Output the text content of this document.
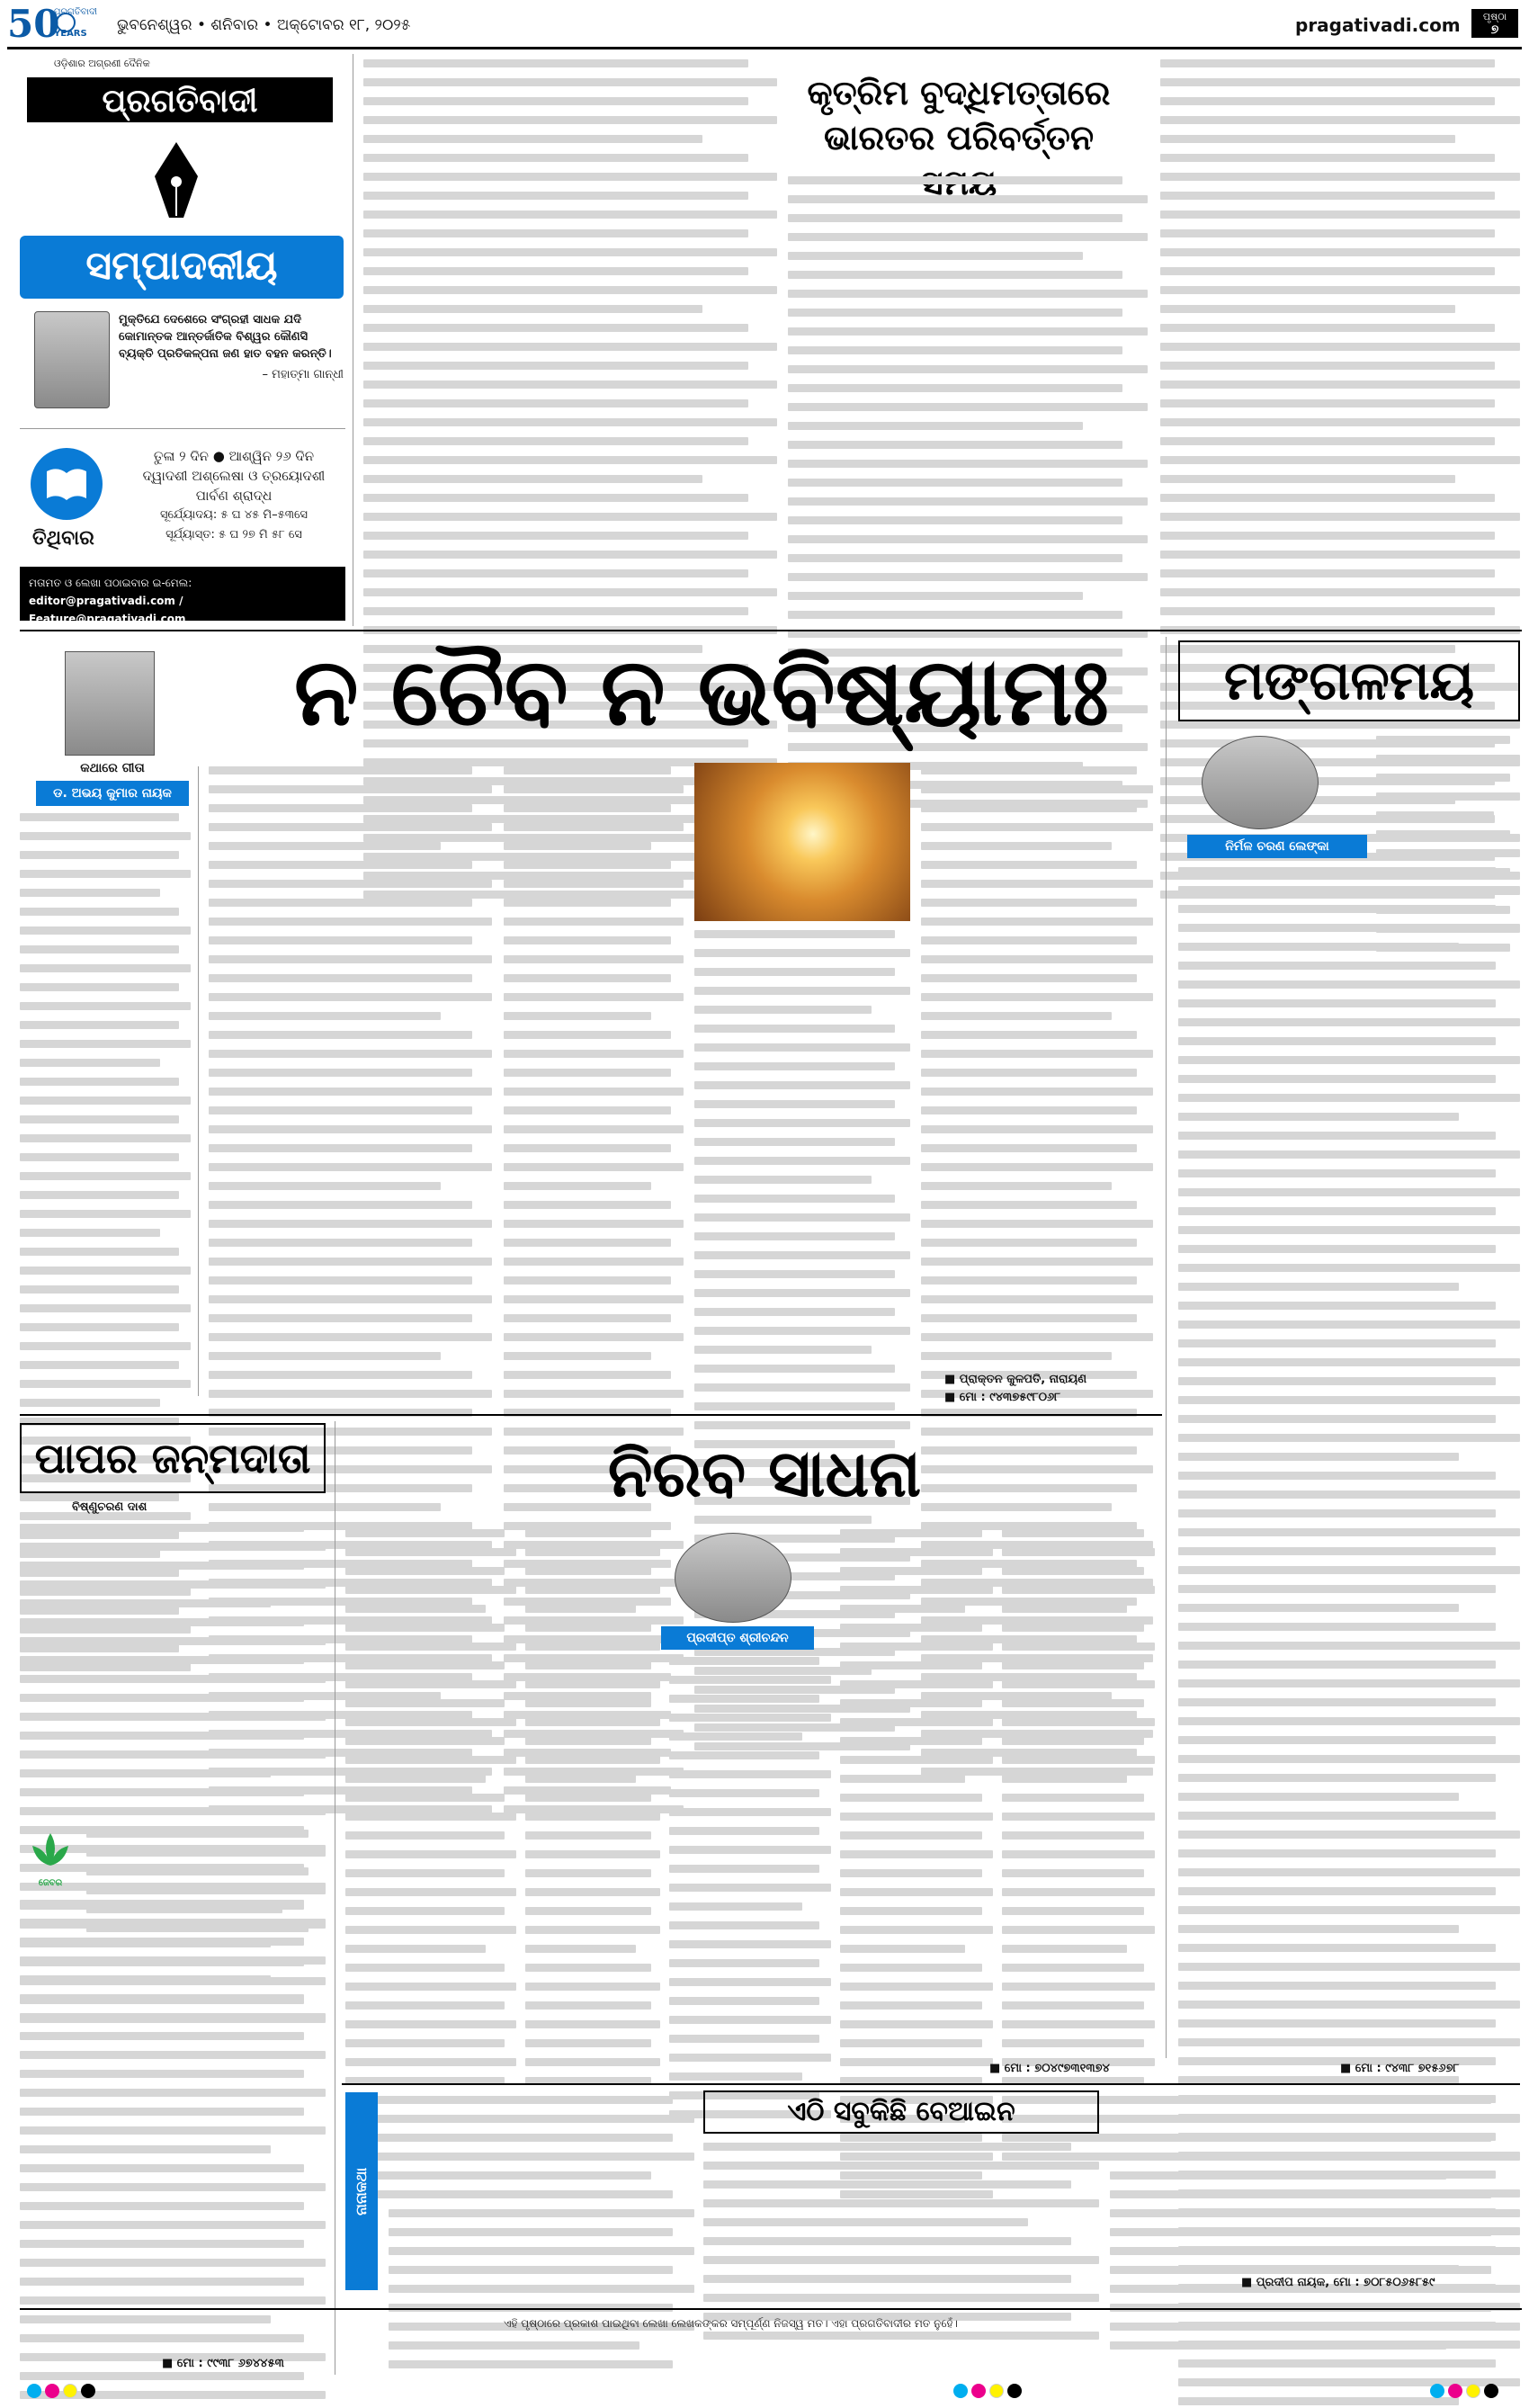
50
YEARS
ପ୍ରଗତିବାଦୀ
ଭୁବନେଶ୍ୱର • ଶନିବାର • ଅକ୍ଟୋବର ୧୮, ୨୦୨୫	pragativadi.com	ପୃଷ୍ଠା
୭
ଓଡ଼ିଶାର ଅଗ୍ରଣୀ ଦୈନିକ
ପ୍ରଗତିବାଦୀ
ସମ୍ପାଦକୀୟ
ମୁକ୍ତିଯେ ଦେଶେରେ ସଂଗ୍ରହୀ ସାଧକ ଯଦି କୋମାନ୍ତକ ଆନ୍ତର୍ଜାତିକ ବିଶ୍ୱର କୌଣସି ବ୍ୟକ୍ତି ପ୍ରତିକଳ୍ପନା ଜଣ ହାତ ବହନ କରନ୍ତି।
– ମହାତ୍ମା ଗାନ୍ଧୀ
ତିଥିବାର
ତୁଳା ୨ ଦିନ ● ଆଶ୍ୱିନ ୨୬ ଦିନ
ଦ୍ୱାଦଶୀ ଅଶ୍ଲେଷା ଓ ତ୍ରୟୋଦଶୀ
ପାର୍ବଣ ଶ୍ରାଦ୍ଧ
ସୂର୍ଯ୍ୟୋଦୟ: ୫ ଘ ୪୫ ମି–୫୩ସେ
ସୂର୍ଯ୍ୟାସ୍ତ: ୫ ଘ ୨୭ ମି ୫୮ ସେ
ମତାମତ ଓ ଲେଖା ପଠାଇବାର ଇ-ମେଲ:
editor@pragativadi.com / Feature@pragativadi.com
କୃତ୍ରିମ ବୁଦ୍ଧିମତ୍ତାରେ
ଭାରତର ପରିବର୍ତ୍ତନ
ନ ଚୈବ ନ ଭବିଷ୍ୟାମଃ
କଥାରେ ଗୀତା
ଡ. ଅଭୟ କୁମାର ନାୟକ
■ ପ୍ରାକ୍ତନ କୁଳପତି, ନାରାୟଣ
■ ମୋ : ୯୪୩୭୫୯୮୦୬୮
ମଙ୍ଗଳମୟ
ନିର୍ମଳ ଚରଣ ଲେଙ୍କା
■ ମୋ : ୯୪୩୮ ୭୧୫୬୭୮
ପାପର ଜନ୍ମଦାତା
ବିଷ୍ଣୁଚରଣ ଦାଶ
ଜେବର
■ ମୋ : ୯୯୩୮ ୬୭୪୪୫୩
ନିରବ ସାଧନା
ପ୍ରଦୀପ୍ତ ଶ୍ରୀଚନ୍ଦନ
■ ମୋ : ୭୦୪୯୭୩୧୩୭୪
ନାନାକଥା
ଏଠି ସବୁକିଛି ବେଆଇନ
■ ପ୍ରଦୀପ ନାୟକ, ମୋ : ୭୦୮୫୦୬୫୮୫୯
ଏହି ପୃଷ୍ଠାରେ ପ୍ରକାଶ ପାଇଥିବା ଲେଖା ଲେଖକଙ୍କର ସମ୍ପୂର୍ଣ୍ଣ ନିଜସ୍ୱ ମତ। ଏହା ପ୍ରଗତିବାଦୀର ମତ ନୁହେଁ।
